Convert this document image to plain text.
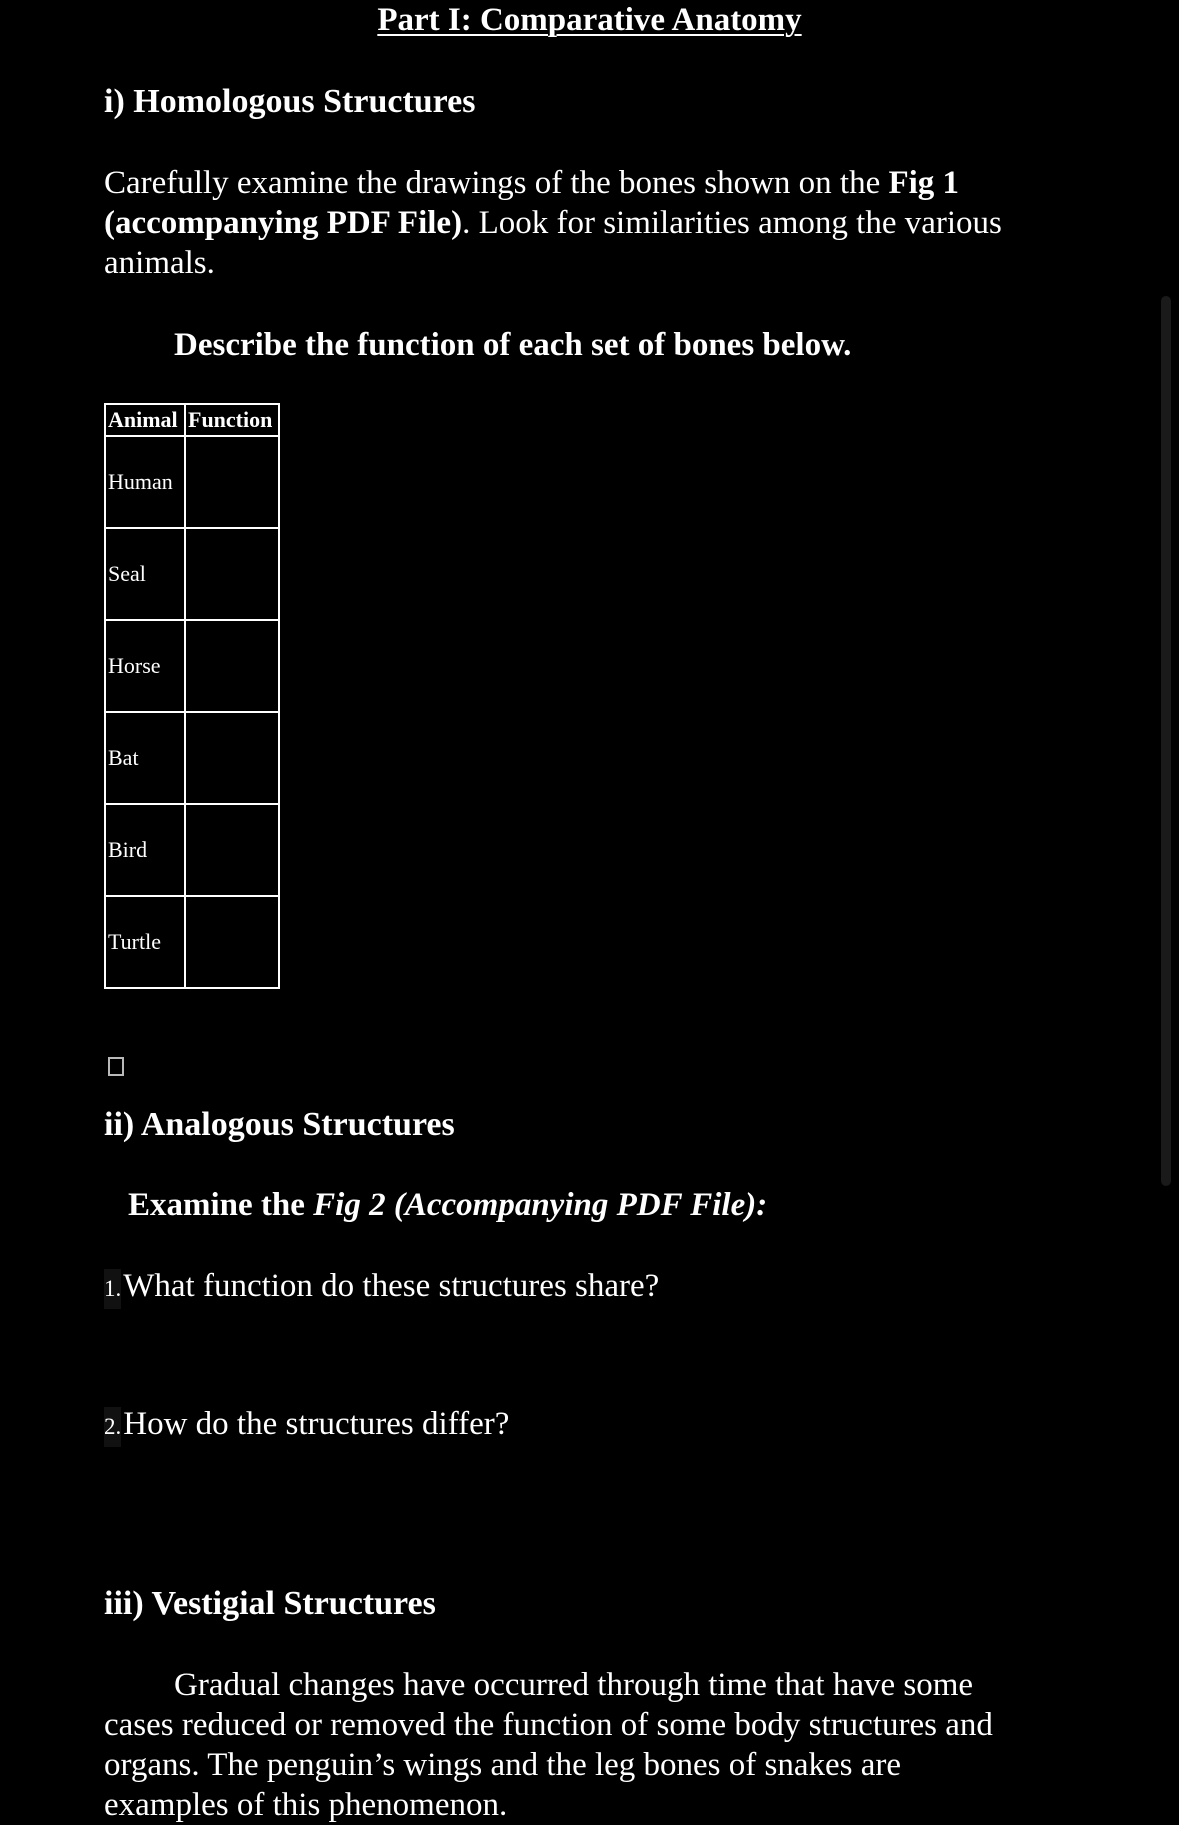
Part I: Comparative Anatomy
i) Homologous Structures
Carefully examine the drawings of the bones shown on the Fig 1
(accompanying PDF File). Look for similarities among the various
animals.
Describe the function of each set of bones below.
Animal	Function
Human	
Seal	
Horse	
Bat	
Bird	
Turtle	
ii) Analogous Structures
Examine the Fig 2 (Accompanying PDF File):
1.What function do these structures share?
2.How do the structures differ?
iii) Vestigial Structures
Gradual changes have occurred through time that have some
cases reduced or removed the function of some body structures and
organs. The penguin’s wings and the leg bones of snakes are
examples of this phenomenon.
